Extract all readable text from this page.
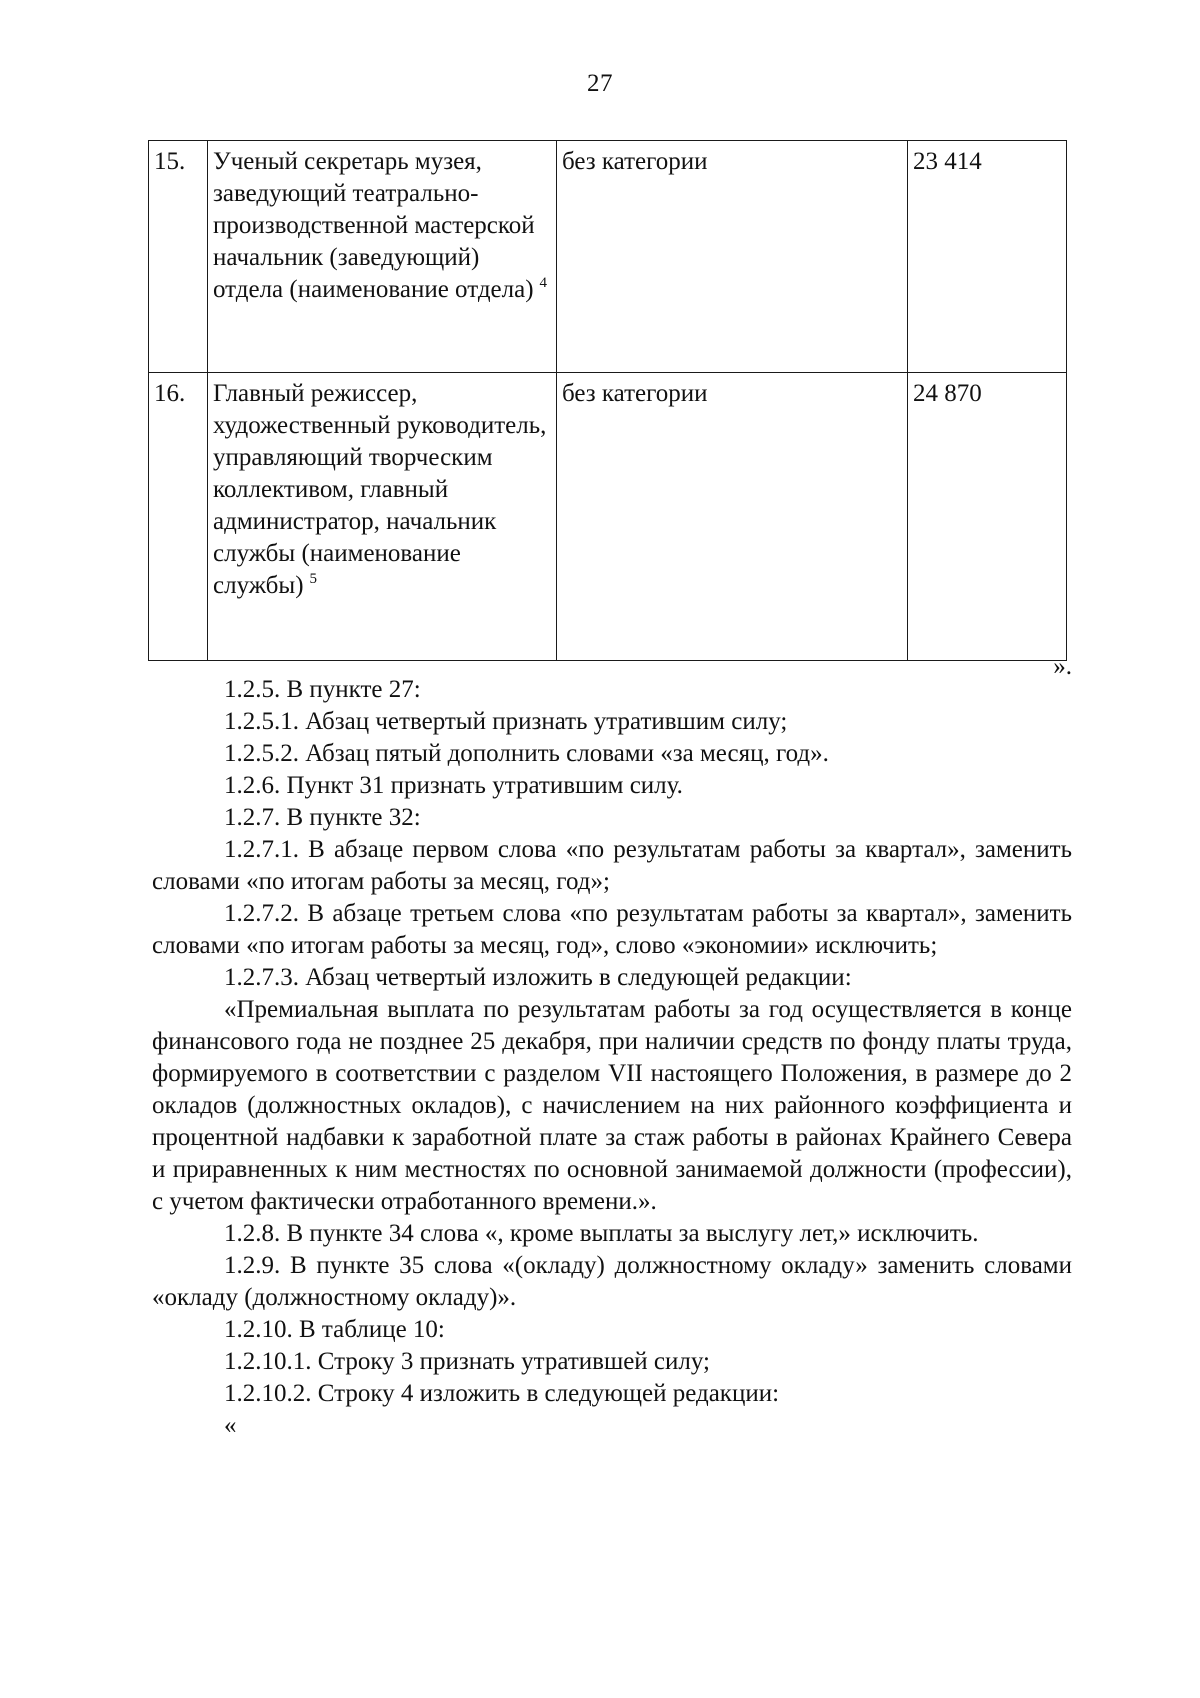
27
15.	Ученый секретарь музея, заведующий театрально-производственной мастерской начальник (заведующий) отдела (наименование отдела) $^4$	без категории	23 414
16.	Главный режиссер, художественный руководитель, управляющий творческим коллективом, главный администратор, начальник службы (наименование службы) $^5$	без категории	24 870
».

1.2.5. В пункте 27:

1.2.5.1. Абзац четвертый признать утратившим силу;

1.2.5.2. Абзац пятый дополнить словами «за месяц, год».

1.2.6. Пункт 31 признать утратившим силу.

1.2.7. В пункте 32:

1.2.7.1. В абзаце первом слова «по результатам работы за квартал», заменить словами «по итогам работы за месяц, год»;

1.2.7.2. В абзаце третьем слова «по результатам работы за квартал», заменить словами «по итогам работы за месяц, год», слово «экономии» исключить;

1.2.7.3. Абзац четвертый изложить в следующей редакции:

«Премиальная выплата по результатам работы за год осуществляется в конце финансового года не позднее 25 декабря, при наличии средств по фонду платы труда, формируемого в соответствии с разделом VII настоящего Положения, в размере до 2 окладов (должностных окладов), с начислением на них районного коэффициента и процентной надбавки к заработной плате за стаж работы в районах Крайнего Севера и приравненных к ним местностях по основной занимаемой должности (профессии), с учетом фактически отработанного времени.».

1.2.8. В пункте 34 слова «, кроме выплаты за выслугу лет,» исключить.

1.2.9. В пункте 35 слова «(окладу) должностному окладу» заменить словами «окладу (должностному окладу)».

1.2.10. В таблице 10:

1.2.10.1. Строку 3 признать утратившей силу;

1.2.10.2. Строку 4 изложить в следующей редакции:

«
